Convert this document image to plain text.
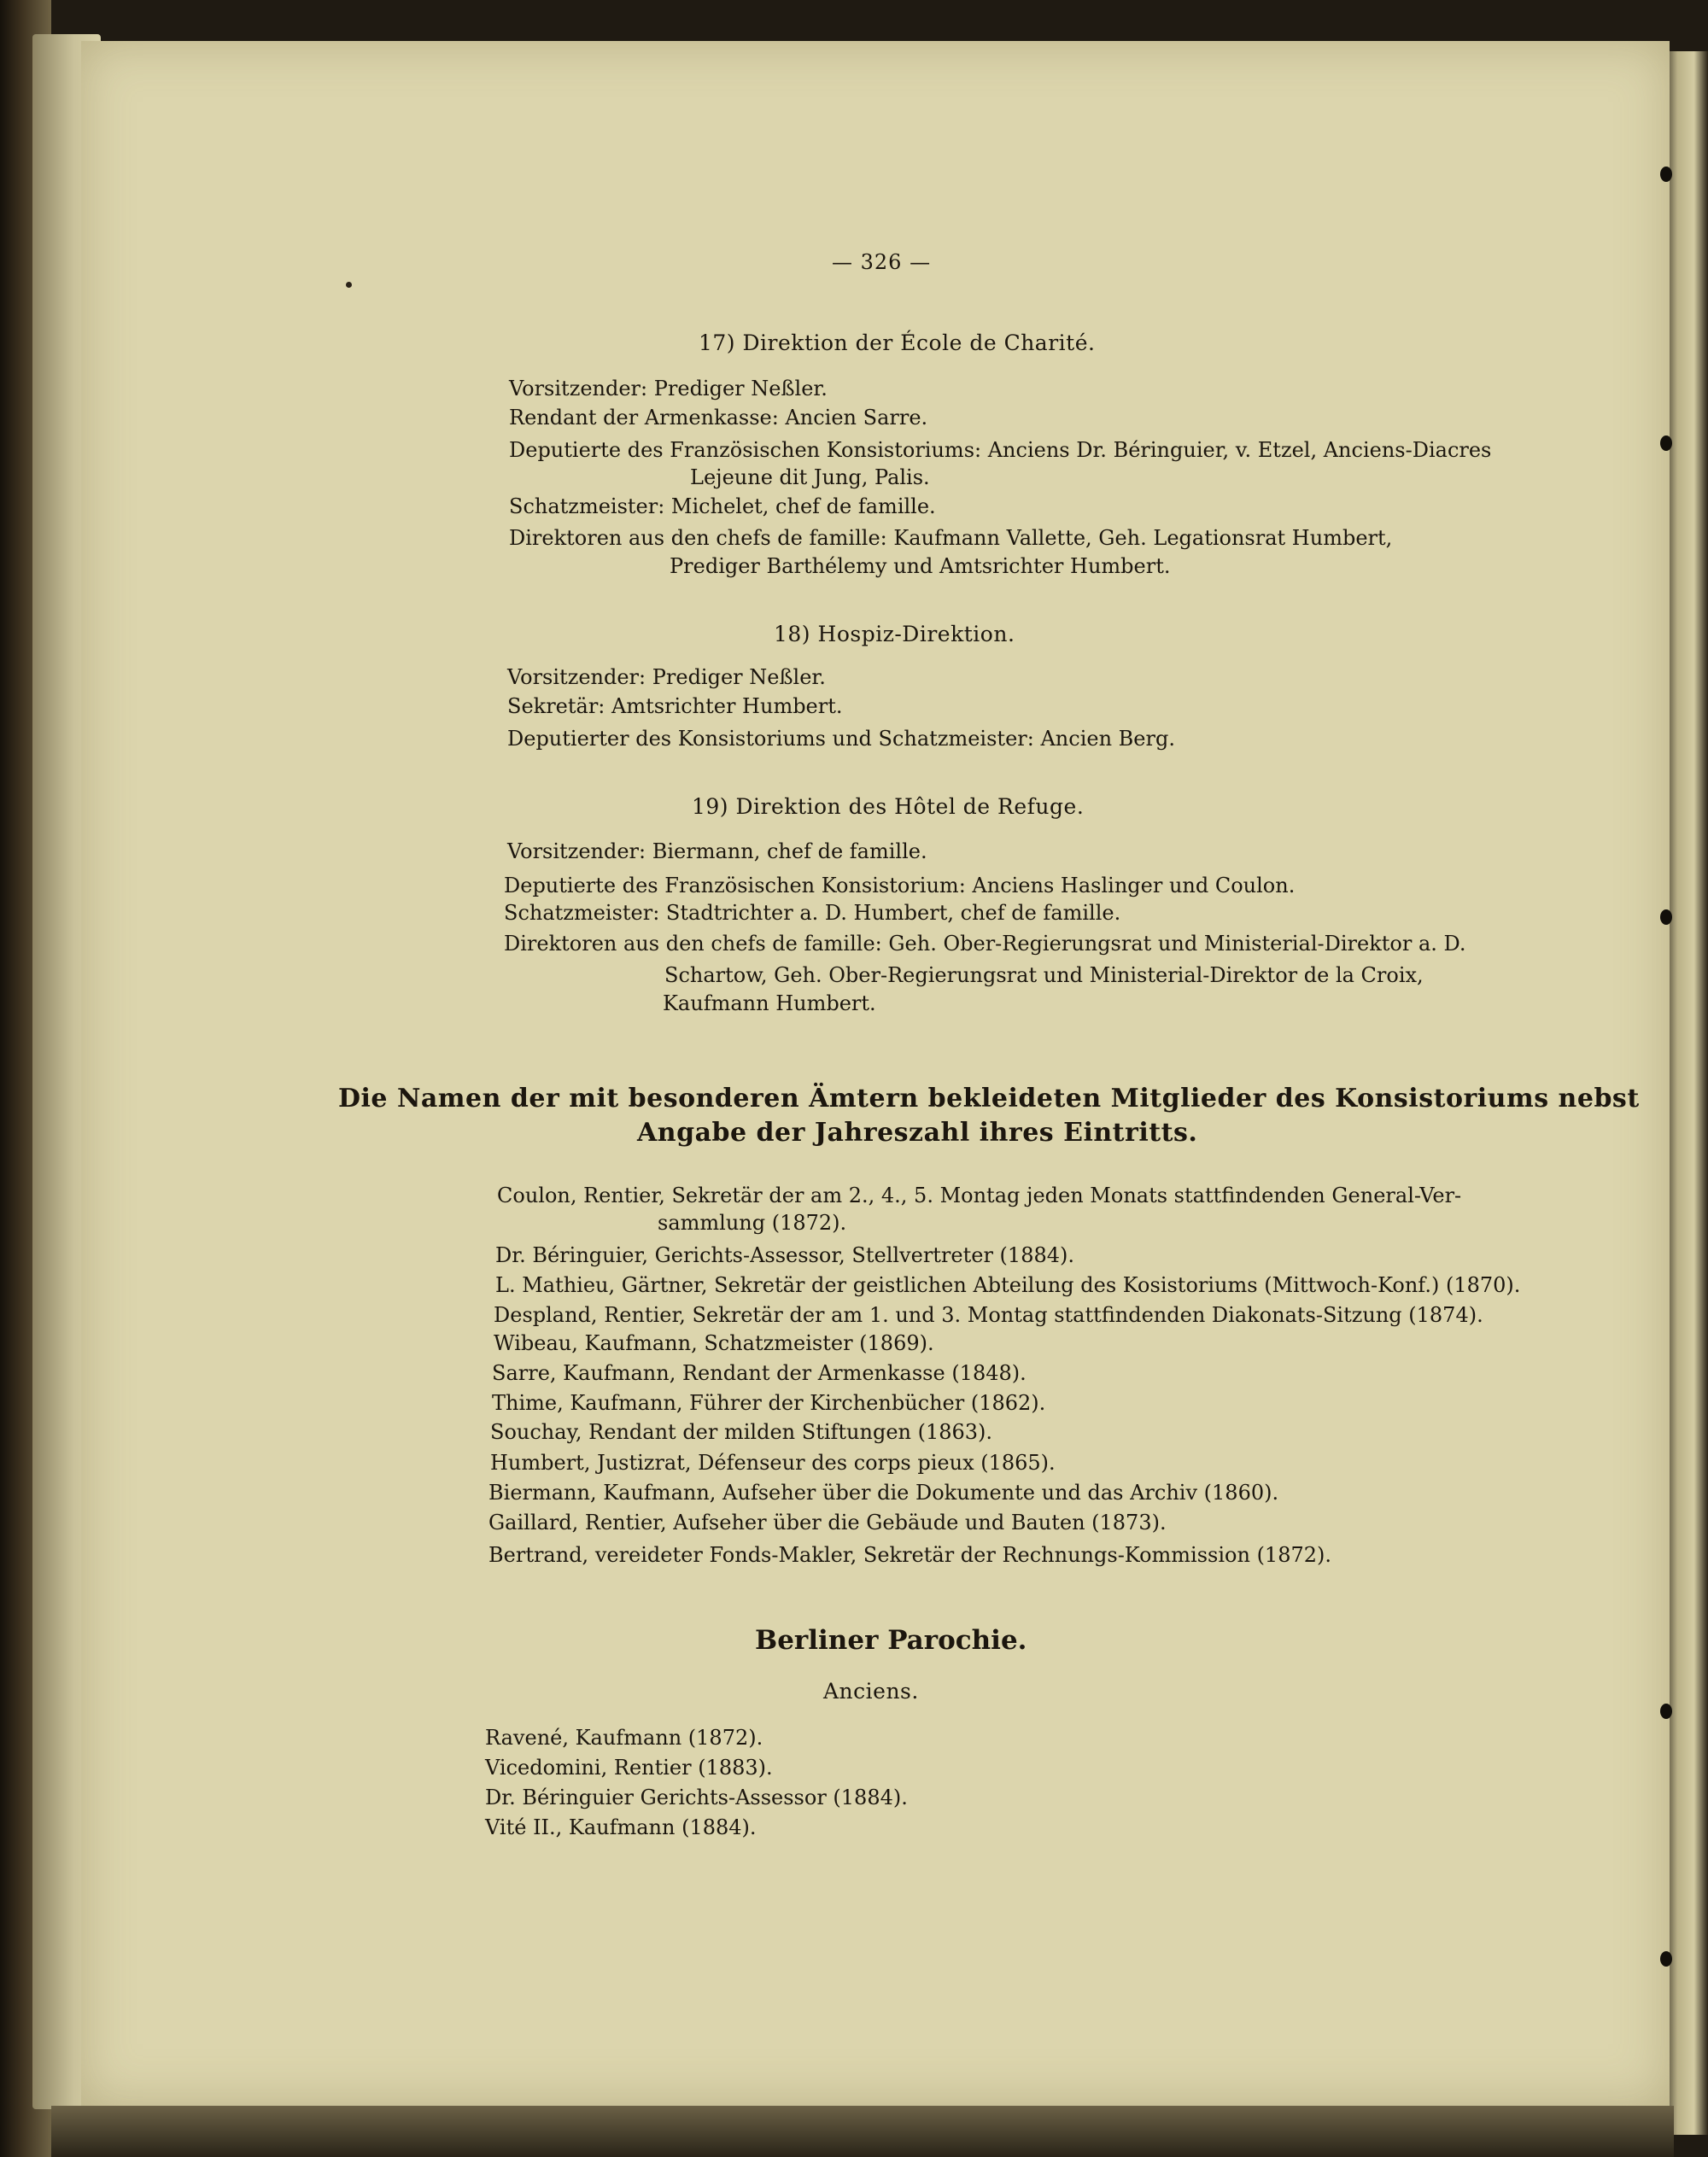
— 326 —
17) Direktion der École de Charité.
Vorsitzender: Prediger Neßler.
Rendant der Armenkasse: Ancien Sarre.
Deputierte des Französischen Konsistoriums: Anciens Dr. Béringuier, v. Etzel, Anciens-Diacres
Lejeune dit Jung, Palis.
Schatzmeister: Michelet, chef de famille.
Direktoren aus den chefs de famille: Kaufmann Vallette, Geh. Legationsrat Humbert,
Prediger Barthélemy und Amtsrichter Humbert.
18) Hospiz-Direktion.
Vorsitzender: Prediger Neßler.
Sekretär: Amtsrichter Humbert.
Deputierter des Konsistoriums und Schatzmeister: Ancien Berg.
19) Direktion des Hôtel de Refuge.
Vorsitzender: Biermann, chef de famille.
Deputierte des Französischen Konsistorium: Anciens Haslinger und Coulon.
Schatzmeister: Stadtrichter a. D. Humbert, chef de famille.
Direktoren aus den chefs de famille: Geh. Ober-Regierungsrat und Ministerial-Direktor a. D.
Schartow, Geh. Ober-Regierungsrat und Ministerial-Direktor de la Croix,
Kaufmann Humbert.
Die Namen der mit besonderen Ämtern bekleideten Mitglieder des Konsistoriums nebst
Angabe der Jahreszahl ihres Eintritts.
Coulon, Rentier, Sekretär der am 2., 4., 5. Montag jeden Monats stattfindenden General-Ver-
sammlung (1872).
Dr. Béringuier, Gerichts-Assessor, Stellvertreter (1884).
L. Mathieu, Gärtner, Sekretär der geistlichen Abteilung des Kosistoriums (Mittwoch-Konf.) (1870).
Despland, Rentier, Sekretär der am 1. und 3. Montag stattfindenden Diakonats-Sitzung (1874).
Wibeau, Kaufmann, Schatzmeister (1869).
Sarre, Kaufmann, Rendant der Armenkasse (1848).
Thime, Kaufmann, Führer der Kirchenbücher (1862).
Souchay, Rendant der milden Stiftungen (1863).
Humbert, Justizrat, Défenseur des corps pieux (1865).
Biermann, Kaufmann, Aufseher über die Dokumente und das Archiv (1860).
Gaillard, Rentier, Aufseher über die Gebäude und Bauten (1873).
Bertrand, vereideter Fonds-Makler, Sekretär der Rechnungs-Kommission (1872).
Berliner Parochie.
Anciens.
Ravené, Kaufmann (1872).
Vicedomini, Rentier (1883).
Dr. Béringuier Gerichts-Assessor (1884).
Vité II., Kaufmann (1884).
